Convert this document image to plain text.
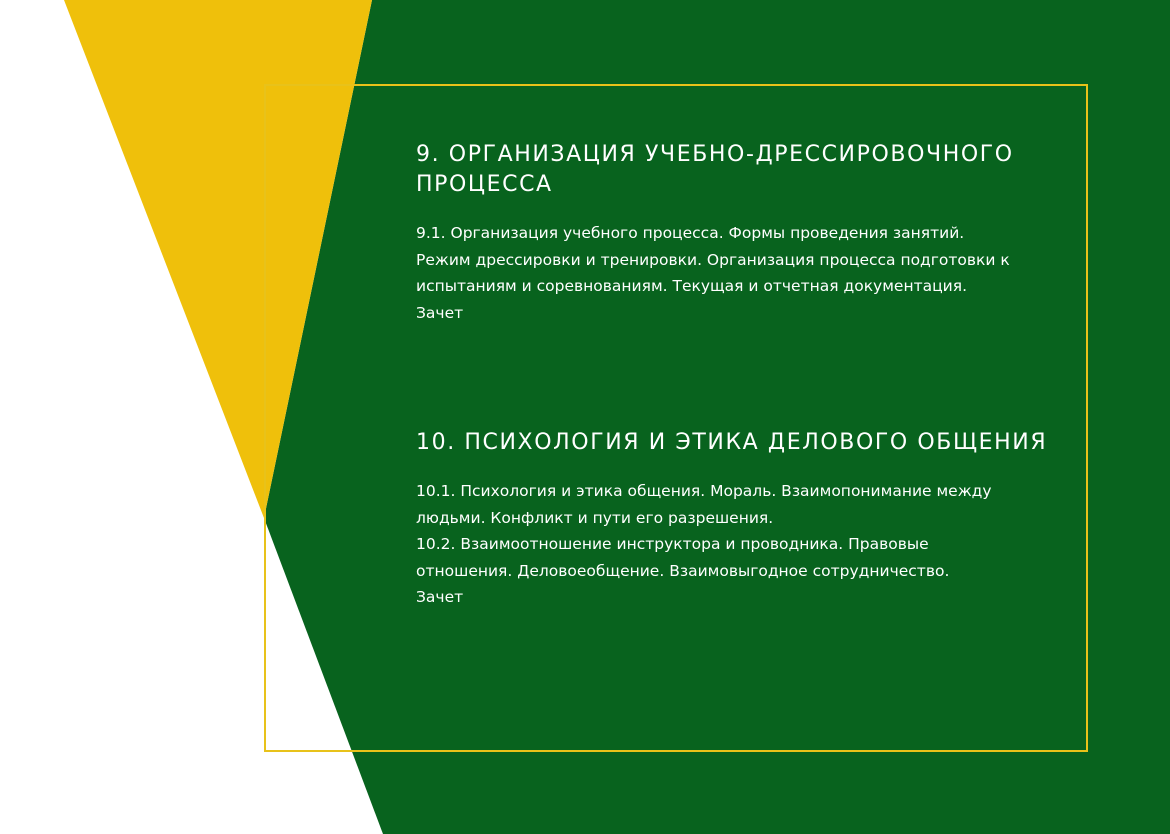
9. ОРГАНИЗАЦИЯ УЧЕБНО-ДРЕССИРОВОЧНОГО ПРОЦЕССА
9.1. Организация учебного процесса. Формы проведения занятий. Режим дрессировки и тренировки. Организация процесса подготовки к испытаниям и соревнованиям. Текущая и отчетная документация.
Зачет
10. ПСИХОЛОГИЯ И ЭТИКА ДЕЛОВОГО ОБЩЕНИЯ
10.1. Психология и этика общения. Мораль. Взаимопонимание между людьми. Конфликт и пути его разрешения.
10.2. Взаимоотношение инструктора и проводника. Правовые отношения. Деловоеобщение. Взаимовыгодное сотрудничество.
Зачет
